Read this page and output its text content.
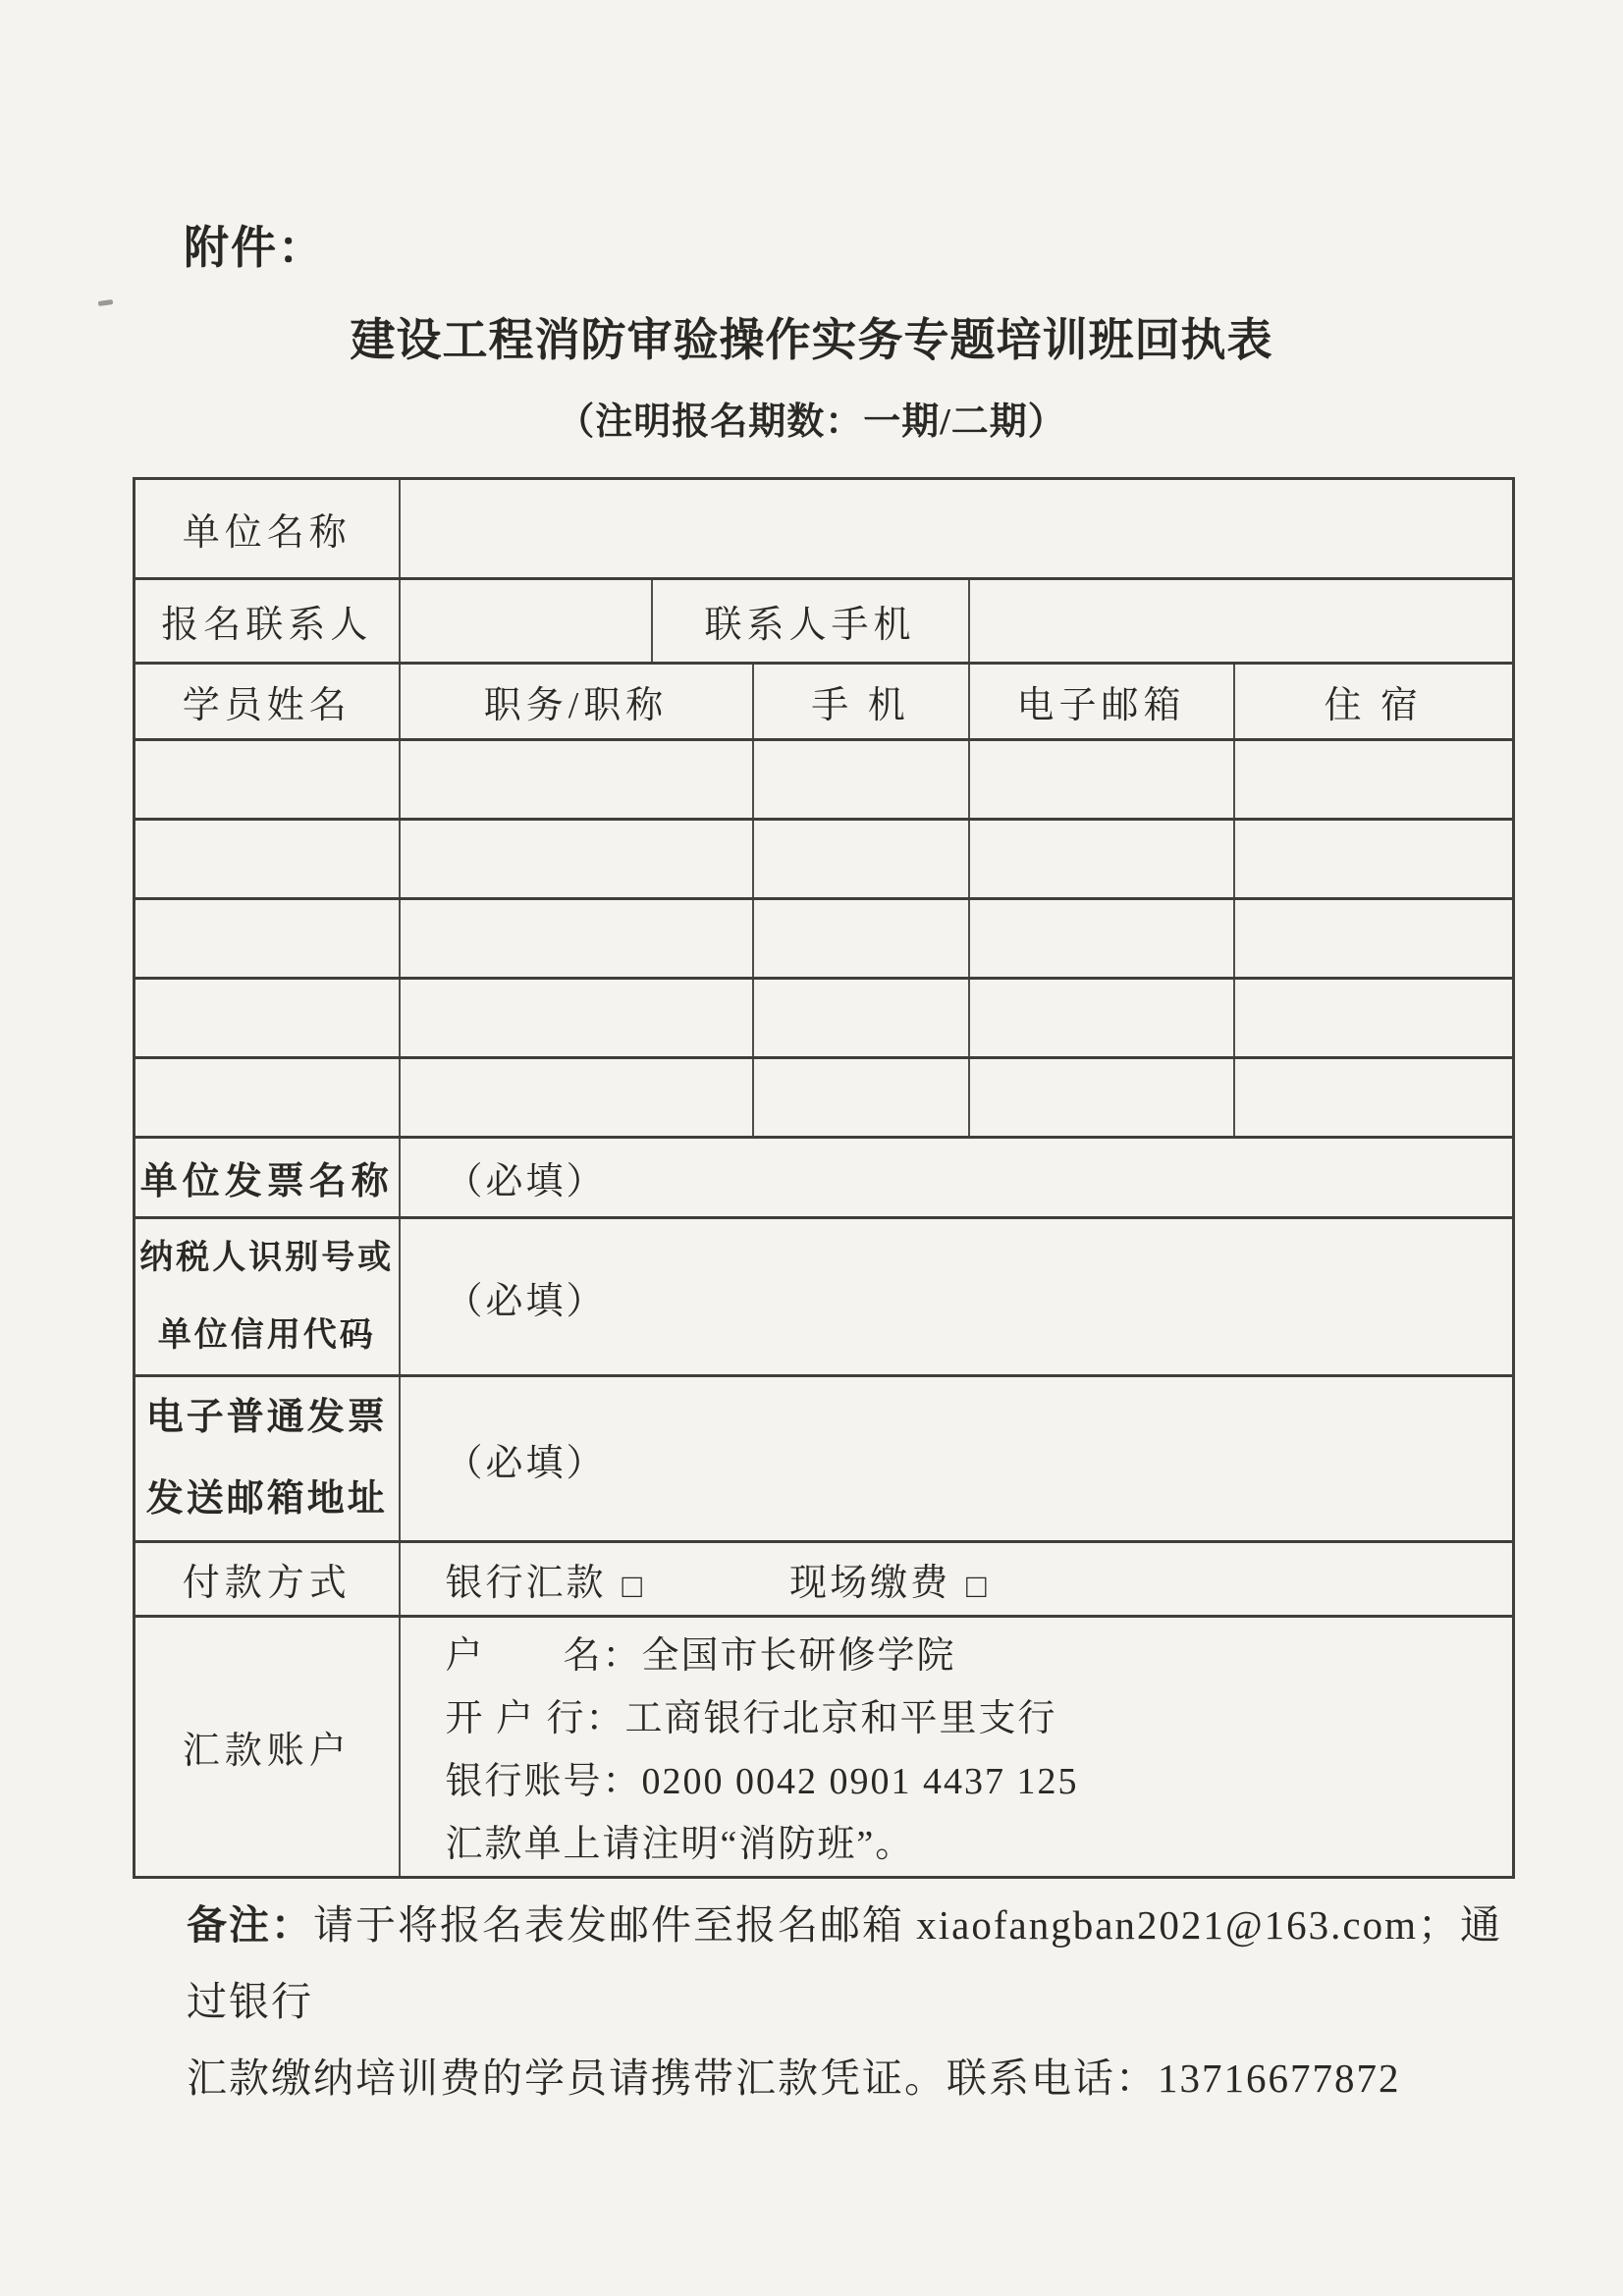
附件：
建设工程消防审验操作实务专题培训班回执表
（注明报名期数：一期/二期）
单位名称					
报名联系人		联系人手机			
学员姓名	职务/职称		手 机	电子邮箱	住 宿

单位发票名称	（必填）				

纳税人识别号或
单位信用代码	（必填）				

电子普通发票
发送邮箱地址	（必填）				
付款方式	银行汇款 □ 现场缴费 □				
汇款账户	户　　名：全国市长研修学院
开 户 行：工商银行北京和平里支行
银行账号：0200 0042 0901 4437 125
汇款单上请注明“消防班”。				
备注：请于将报名表发邮件至报名邮箱 xiaofangban2021@163.com；通过银行
汇款缴纳培训费的学员请携带汇款凭证。联系电话：13716677872
